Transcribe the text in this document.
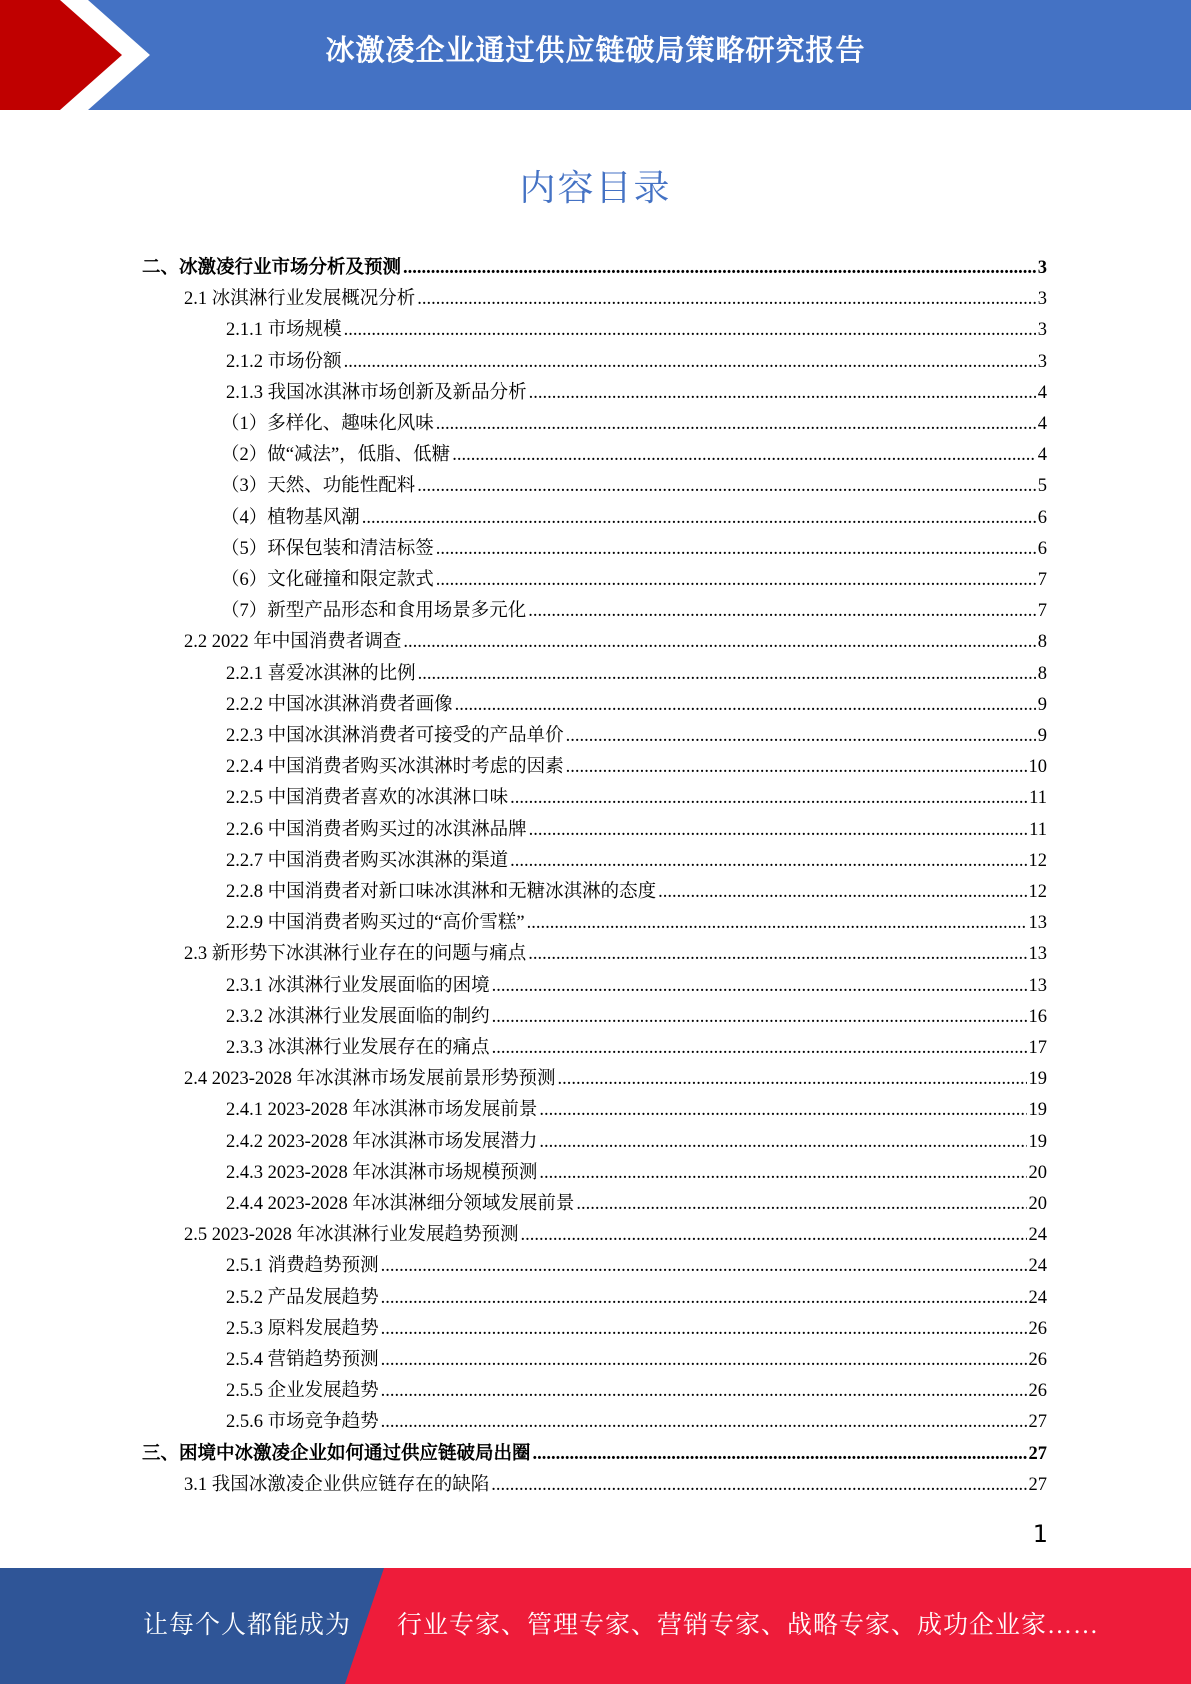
冰激凌企业通过供应链破局策略研究报告
内容目录
二、冰激凌行业市场分析及预测 .....	3
2.1 冰淇淋行业发展概况分析 .....	3
2.1.1 市场规模 .....	3
2.1.2 市场份额 .....	3
2.1.3 我国冰淇淋市场创新及新品分析 .....	4
（1）多样化、趣味化风味 .....	4
（2）做“减法”，低脂、低糖 .....	4
（3）天然、功能性配料 .....	5
（4）植物基风潮 .....	6
（5）环保包装和清洁标签 .....	6
（6）文化碰撞和限定款式 .....	7
（7）新型产品形态和食用场景多元化 .....	7
2.2 2022 年中国消费者调查 .....	8
2.2.1 喜爱冰淇淋的比例 .....	8
2.2.2 中国冰淇淋消费者画像 .....	9
2.2.3 中国冰淇淋消费者可接受的产品单价 .....	9
2.2.4 中国消费者购买冰淇淋时考虑的因素 .....	10
2.2.5 中国消费者喜欢的冰淇淋口味 .....	11
2.2.6 中国消费者购买过的冰淇淋品牌 .....	11
2.2.7 中国消费者购买冰淇淋的渠道 .....	12
2.2.8 中国消费者对新口味冰淇淋和无糖冰淇淋的态度 .....	12
2.2.9 中国消费者购买过的“高价雪糕” .....	13
2.3 新形势下冰淇淋行业存在的问题与痛点 .....	13
2.3.1 冰淇淋行业发展面临的困境 .....	13
2.3.2 冰淇淋行业发展面临的制约 .....	16
2.3.3 冰淇淋行业发展存在的痛点 .....	17
2.4 2023-2028 年冰淇淋市场发展前景形势预测 .....	19
2.4.1 2023-2028 年冰淇淋市场发展前景 .....	19
2.4.2 2023-2028 年冰淇淋市场发展潜力 .....	19
2.4.3 2023-2028 年冰淇淋市场规模预测 .....	20
2.4.4 2023-2028 年冰淇淋细分领域发展前景 .....	20
2.5 2023-2028 年冰淇淋行业发展趋势预测 .....	24
2.5.1 消费趋势预测 .....	24
2.5.2 产品发展趋势 .....	24
2.5.3 原料发展趋势 .....	26
2.5.4 营销趋势预测 .....	26
2.5.5 企业发展趋势 .....	26
2.5.6 市场竞争趋势 .....	27
三、困境中冰激凌企业如何通过供应链破局出圈 .....	27
3.1 我国冰激凌企业供应链存在的缺陷 .....	27
1
让每个人都能成为 行业专家、管理专家、营销专家、战略专家、成功企业家……
